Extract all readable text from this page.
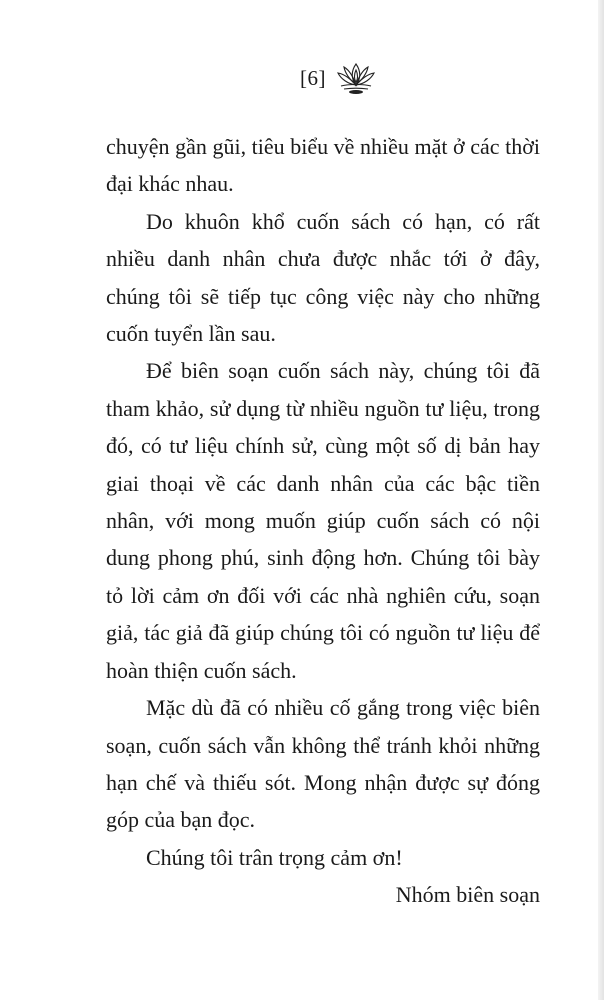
[6]

chuyện gần gũi, tiêu biểu về nhiều mặt ở các thời đại khác nhau.

Do khuôn khổ cuốn sách có hạn, có rất nhiều danh nhân chưa được nhắc tới ở đây, chúng tôi sẽ tiếp tục công việc này cho những cuốn tuyển lần sau.

Để biên soạn cuốn sách này, chúng tôi đã tham khảo, sử dụng từ nhiều nguồn tư liệu, trong đó, có tư liệu chính sử, cùng một số dị bản hay giai thoại về các danh nhân của các bậc tiền nhân, với mong muốn giúp cuốn sách có nội dung phong phú, sinh động hơn. Chúng tôi bày tỏ lời cảm ơn đối với các nhà nghiên cứu, soạn giả, tác giả đã giúp chúng tôi có nguồn tư liệu để hoàn thiện cuốn sách.

Mặc dù đã có nhiều cố gắng trong việc biên soạn, cuốn sách vẫn không thể tránh khỏi những hạn chế và thiếu sót. Mong nhận được sự đóng góp của bạn đọc.

Chúng tôi trân trọng cảm ơn!

Nhóm biên soạn
